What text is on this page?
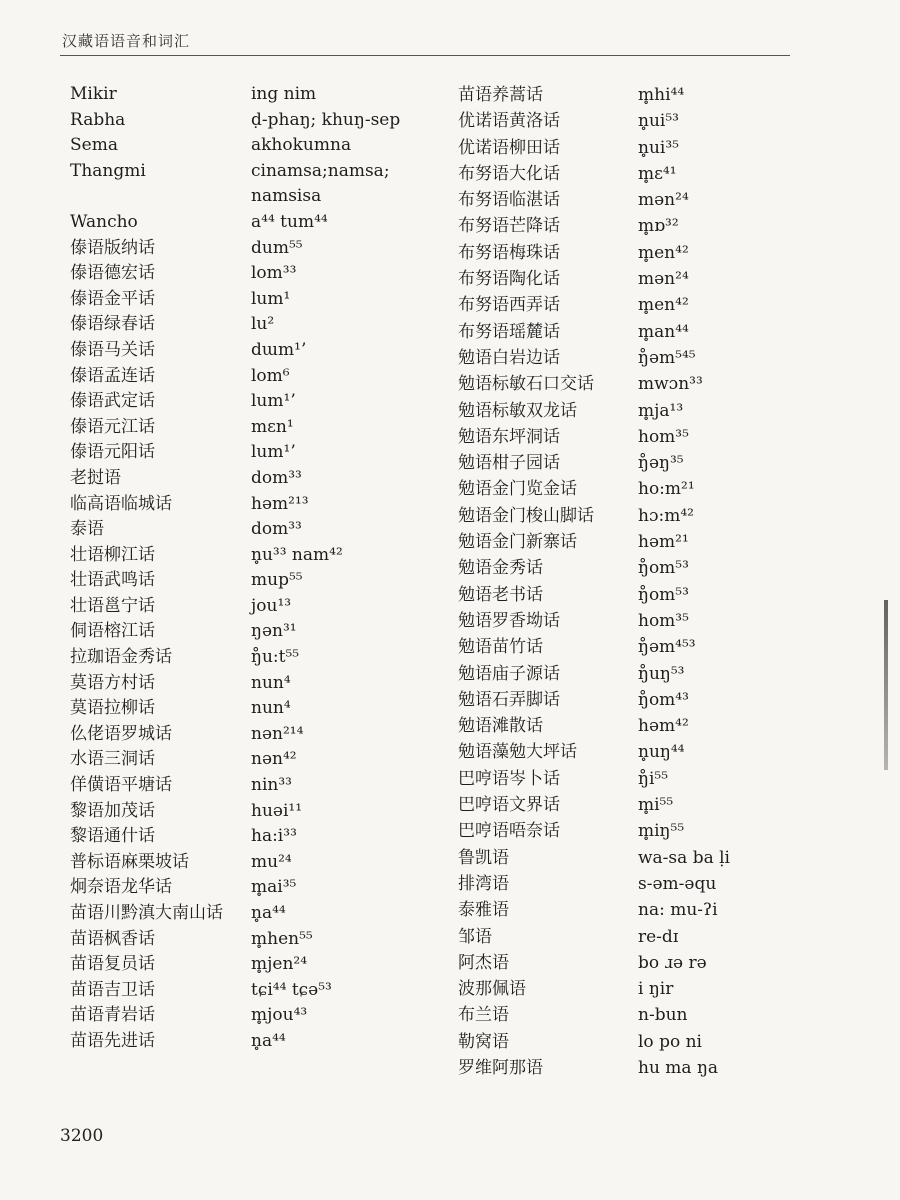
汉藏语语音和词汇
Mikir
Rabha
Sema
Thangmi
Wancho
傣语版纳话
傣语德宏话
傣语金平话
傣语绿春话
傣语马关话
傣语孟连话
傣语武定话
傣语元江话
傣语元阳话
老挝语
临高语临城话
泰语
壮语柳江话
壮语武鸣话
壮语邕宁话
侗语榕江话
拉珈语金秀话
莫语方村话
莫语拉柳话
仫佬语罗城话
水语三洞话
佯僙语平塘话
黎语加茂话
黎语通什话
普标语麻栗坡话
炯奈语龙华话
苗语川黔滇大南山话
苗语枫香话
苗语复员话
苗语吉卫话
苗语青岩话
苗语先进话
ing nim
ḍ-phaŋ; khuŋ-sep
akhokumna
cinamsa;namsa;
namsisa
a⁴⁴ tum⁴⁴
dum⁵⁵
lom³³
lum¹
lu²
dɯm¹’
lom⁶
lum¹’
mɛn¹
lum¹’
dom³³
həm²¹³
dom³³
n̥u³³ nam⁴²
mup⁵⁵
jou¹³
ŋən³¹
ŋ̊u:t⁵⁵
nun⁴
nun⁴
nən²¹⁴
nən⁴²
nin³³
huəi¹¹
ha:i³³
mu²⁴
m̥ai³⁵
n̥a⁴⁴
m̥hen⁵⁵
m̥jen²⁴
tɕi⁴⁴ tɕə⁵³
m̥jou⁴³
n̥a⁴⁴
苗语养蒿话
优诺语黄洛话
优诺语柳田话
布努语大化话
布努语临湛话
布努语芒降话
布努语梅珠话
布努语陶化话
布努语西弄话
布努语瑶麓话
勉语白岩边话
勉语标敏石口交话
勉语标敏双龙话
勉语东坪洞话
勉语柑子园话
勉语金门览金话
勉语金门梭山脚话
勉语金门新寨话
勉语金秀话
勉语老书话
勉语罗香坳话
勉语苗竹话
勉语庙子源话
勉语石弄脚话
勉语滩散话
勉语藻勉大坪话
巴哼语岑卜话
巴哼语文界话
巴哼语唔奈话
鲁凯语
排湾语
泰雅语
邹语
阿杰语
波那佩语
布兰语
勒窝语
罗维阿那语
m̥hi⁴⁴
n̥ui⁵³
n̥ui³⁵
m̥ɛ⁴¹
mən²⁴
m̥ɒ³²
m̥en⁴²
mən²⁴
m̥en⁴²
m̥an⁴⁴
ŋ̊əm⁵⁴⁵
mwɔn³³
m̥ja¹³
hom³⁵
ŋ̊əŋ³⁵
ho:m²¹
hɔ:m⁴²
həm²¹
ŋ̊om⁵³
ŋ̊om⁵³
hom³⁵
ŋ̊əm⁴⁵³
ŋ̊uŋ⁵³
ŋ̊om⁴³
həm⁴²
n̥uŋ⁴⁴
ŋ̊i⁵⁵
m̥i⁵⁵
m̥iŋ⁵⁵
wa-sa ba ḷi
s-əm-əqu
na: mu-ʔi
re-dɪ
bo ɹə rə
i ŋir
n-bun
lo po ni
hu ma ŋa
3200
